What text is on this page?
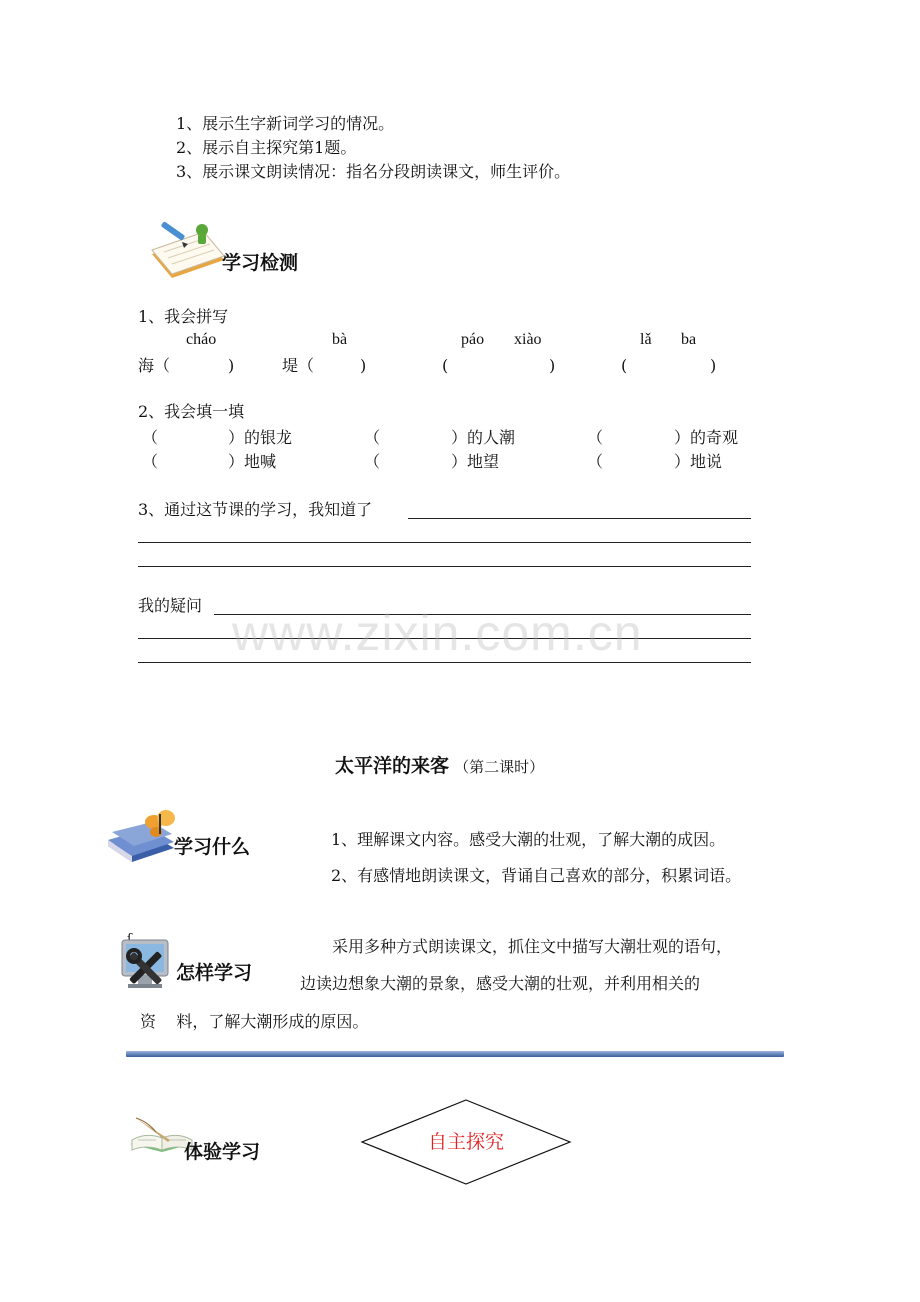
1、展示生字新词学习的情况。
2、展示自主探究第1题。
3、展示课文朗读情况：指名分段朗读课文，师生评价。
学习检测
1、我会拼写
cháo	bà	páo xiào	lǎ ba
海（	)	堤（	)	(	)	(	)
2、我会填一填
（	）的银龙	（	）的人潮	（	）的奇观
（	）地喊	（	）地望	（	）地说
3、通过这节课的学习，我知道了
我的疑问 www.zixin.com.cn
太平洋的来客 （第二课时）
学习什么	1、理解课文内容。感受大潮的壮观，了解大潮的成因。
2、有感情地朗读课文，背诵自己喜欢的部分，积累词语。
怎样学习
采用多种方式朗读课文，抓住文中描写大潮壮观的语句，
边读边想象大潮的景象，感受大潮的壮观，并利用相关的
资    料，了解大潮形成的原因。
体验学习	自主探究
